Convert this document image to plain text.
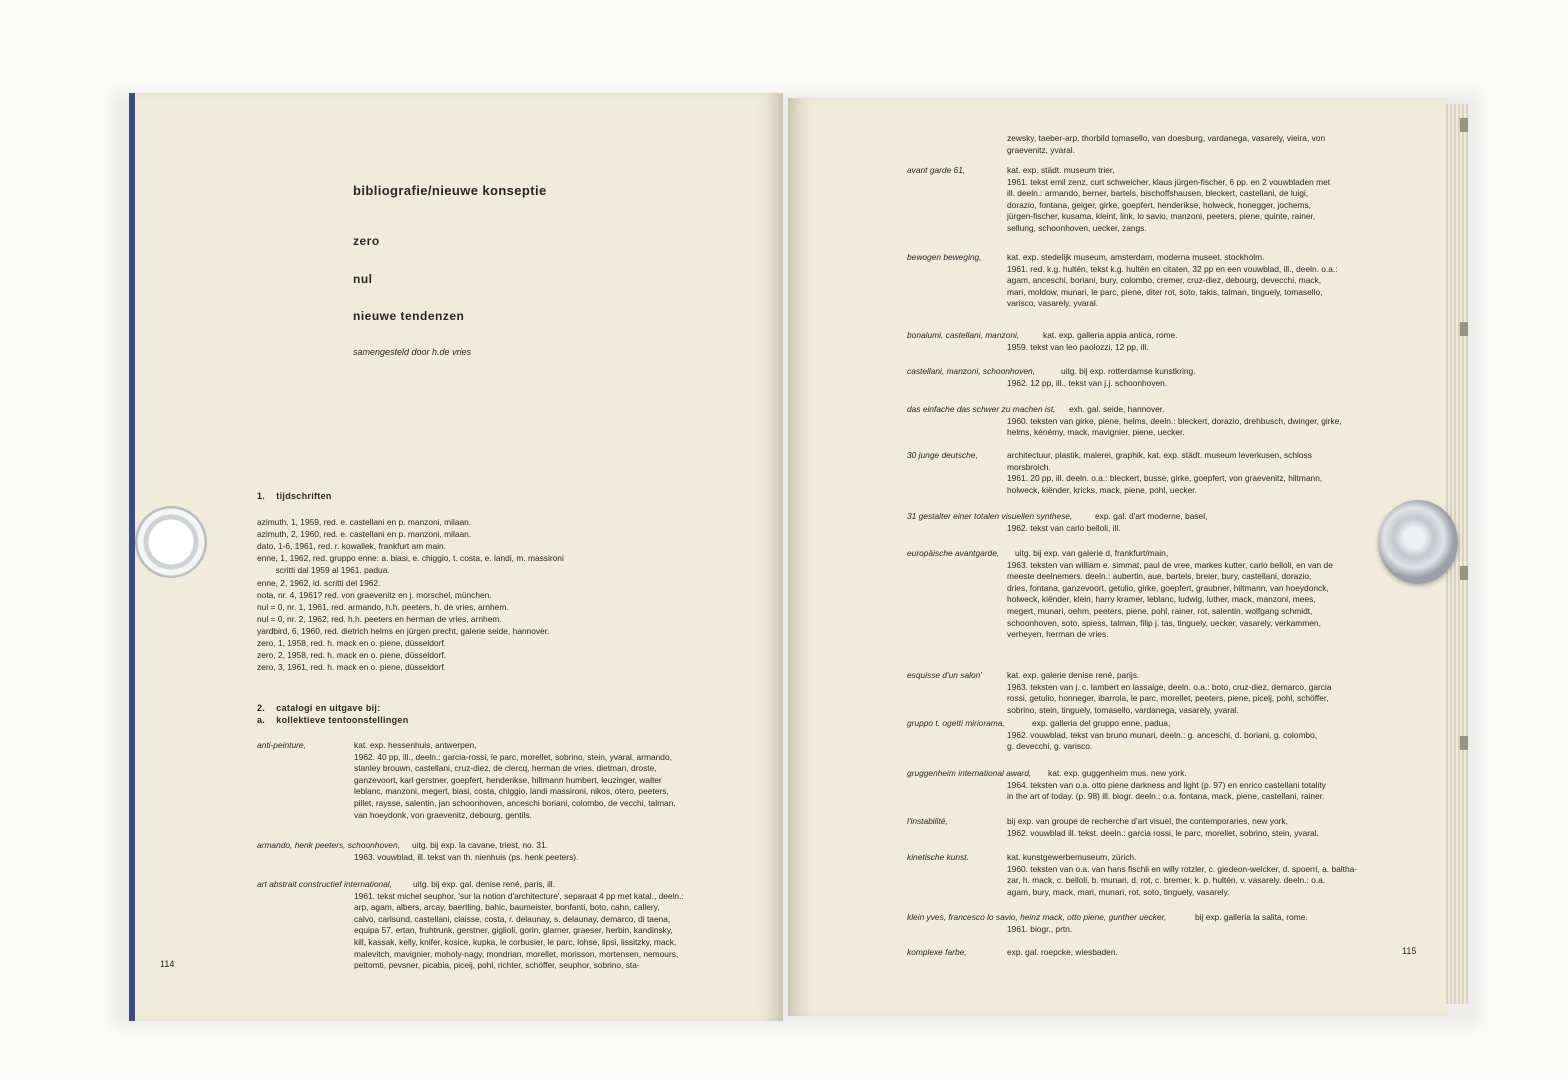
bibliografie/nieuwe konseptie

zero
nul
nieuwe tendenzen
samengesteld door h.de vries
1.    tijdschriften
azimuth, 1, 1959, red. e. castellani en p. manzoni, milaan.
azimuth, 2, 1960, red. e. castellani en p. manzoni, milaan.
dato, 1-6, 1961, red. r. kowallek, frankfurt am main.
enne, 1, 1962, red. gruppo enne: a. biasi, e. chiggio, t. costa, e. landi, m. massironi
scritti dal 1959 al 1961. padua.
enne, 2, 1962, id. scritti del 1962.
nota, nr. 4, 1961? red. von graevenitz en j. morschel, münchen.
nul = 0, nr. 1, 1961, red. armando, h.h. peeters, h. de vries, arnhem.
nul = 0, nr. 2, 1962, red. h.h. peeters en herman de vries, arnhem.
yardbird, 6, 1960, red. dietrich helms en jürgen precht, galerie seide, hannover.
zero, 1, 1958, red. h. mack en o. piene, düsseldorf.
zero, 2, 1958, red. h. mack en o. piene, düsseldorf.
zero, 3, 1961, red. h. mack en o. piene, düsseldorf.
2.    catalogi en uitgave bij:
a.    kollektieve tentoonstellingen
anti-peinture,	kat. exp. hessenhuis, antwerpen,
1962. 40 pp, ill., deeln.: garcia-rossi, le parc, morellet, sobrino, stein, yvaral, armando,
stanley brouwn, castellani, cruz-diez, de clercq, herman de vries, dietman, droste,
ganzevoort, karl gerstner, goepfert, henderikse, hiltmann humbert, leuzinger, walter
leblanc, manzoni, megert, biasi, costa, chiggio, landi massironi, nikos, otero, peeters,
pillet, raysse, salentin, jan schoonhoven, anceschi boriani, colombo, de vecchi, talman,
van hoeydonk, von graevenitz, debourg, gentils.
armando, henk peeters, schoonhoven,	uitg. bij exp. la cavane, triest, no. 31.
1963. vouwblad, ill. tekst van th. nienhuis (ps. henk peeters).
art abstrait constructief international,	uitg. bij exp. gal. denise rené, paris, ill.
1961. tekst michel seuphor, 'sur la notion d'architecture', separaat 4 pp met katal., deeln.:
arp, agam, albers, arcay, baertling, bahic, baumeister, bonfanti, boto, cahn, callery,
calvo, carlsund, castellani, claisse, costa, r. delaunay, s. delaunay, demarco, di taena,
equipa 57, ertan, fruhtrunk, gerstner, giglioli, gorin, glarner, graeser, herbin, kandinsky,
kill, kassak, kelly, knifer, kosice, kupka, le corbusier, le parc, lohse, lipsi, lissitzky, mack,
malevitch, mavignier, moholy-nagy, mondrian, morellet, morisson, mortensen, nemours,
pettomti, pevsner, picabia, piceij, pohl, richter, schöffer, seuphor, sobrino, sta-
114
zewsky, taeber-arp, thorbild tomasello, van doesburg, vardanega, vasarely, vieira, von
graevenitz, yvaral.
avant garde 61,	kat. exp. städt. museum trier,
1961. tekst emil zenz, curt schweicher, klaus jürgen-fischer, 6 pp. en 2 vouwbladen met
ill. deeln.: armando, berner, bartels, bischoffshausen, bleckert, castellani, de luigi,
dorazio, fontana, geiger, girke, goepfert, henderikse, holweck, honegger, jochems,
jürgen-fischer, kusama, kleint, link, lo savio, manzoni, peeters, piene, quinte, rainer,
sellung, schoonhoven, uecker, zangs.
bewogen beweging,	kat. exp. stedelijk museum, amsterdam, moderna museet, stockholm.
1961. red. k.g. hultén, tekst k.g. hultén en citaten, 32 pp en een vouwblad, ill., deeln. o.a.:
agam, anceschi, boriani, bury, colombo, cremer, cruz-diez, debourg, devecchi, mack,
mari, moldow, munari, le parc, piene, diter rot, soto, takis, talman, tinguely, tomasello,
varisco, vasarely, yvaral.
bonalumi, castellani, manzoni,	kat. exp. galleria appia antica, rome.
1959. tekst van leo paolozzi, 12 pp, ill.
castellani, manzoni, schoonhoven,	uitg. bij exp. rotterdamse kunstkring.
1962. 12 pp, ill., tekst van j.j. schoonhoven.
das einfache das schwer zu machen ist,	exh. gal. seide, hannover.
1960. teksten van girke, piene, helms, deeln.: bleckert, dorazio, drehbusch, dwinger, girke,
helms, kénémy, mack, mavignier, piene, uecker.
30 junge deutsche,	architectuur, plastik, malerei, graphik, kat. exp. städt. museum leverkusen, schloss
morsbroich.
1961. 20 pp, ill. deeln. o.a.: bleckert, busse, girke, goepfert, von graevenitz, hiltmann,
holweck, kiënder, kricks, mack, piene, pohl, uecker.
31 gestalter einer totalen visuellen synthese,	exp. gal. d'art moderne, basel,
1962. tekst van carlo belloli, ill.
europäische avantgarde,	uitg. bij exp. van galerie d, frankfurt/main,
1963. teksten van william e. simmat, paul de vree, markes kutter, carlo belloli, en van de
meeste deelnemers. deeln.: aubertin, aue, bartels, breier, bury, castellani, dorazio,
dries, fontana, ganzevoort, getulio, girke, goepfert, graubner, hiltmann, van hoeydonck,
holweck, kiënder, klein, harry kramer, leblanc, ludwig, luther, mack, manzoni, mees,
megert, munari, oehm, peeters, piene, pohl, rainer, rot, salentin, wolfgang schmidt,
schoonhoven, soto, spiess, talman, filip j. tas, tinguely, uecker, vasarely, verkammen,
verheyen, herman de vries.
esquisse d'un salon'	kat. exp. galerie denise rené, parijs.
1963. teksten van j. c. lambert en lassaige, deeln. o.a.: boto, cruz-diez, demarco, garcia
rossi, getulio, honneger, ibarrola, le parc, morellet, peeters, piene, picelj, pohl, schöffer,
sobrino, stein, tinguely, tomasello, vardanega, vasarely, yvaral.
gruppo t. ogetti miriorama,	exp. galleria del gruppo enne, padua,
1962. vouwblad, tekst van bruno munari, deeln.: g. anceschi, d. boriani, g. colombo,
g. devecchi, g. varisco.
gruggenheim international award,	kat. exp. guggenheim mus. new york.
1964. teksten van o.a. otto piene darkness and light (p. 97) en enrico castellani totality
in the art of today. (p. 98) ill. biogr. deeln.: o.a. fontana, mack, piene, castellani, rainer.
l'instabilité,	bij exp. van groupe de recherche d'art visuel, the contemporaries, new york,
1962. vouwblad ill. tekst. deeln.: garcia rossi, le parc, morellet, sobrino, stein, yvaral.
kinetische kunst.	kat. kunstgewerbemuseum, zürich.
1960. teksten van o.a. van hans fischli en willy rotzler, c. giedeon-welcker, d. spoerri, a. baltha-
zar, h. mack, c. belloli, b. munari, d. rot, c. bremer, k. p. hultén, v. vasarely. deeln.: o.a.
agam, bury, mack, mari, munari, rot, soto, tinguely, vasarely.
klein yves, francesco lo savio, heinz mack, otto piene, gunther uecker,	bij exp. galleria la salita, rome.
1961. biogr., prtn.
komplexe farbe,	exp. gal. roepcke, wiesbaden.	115
